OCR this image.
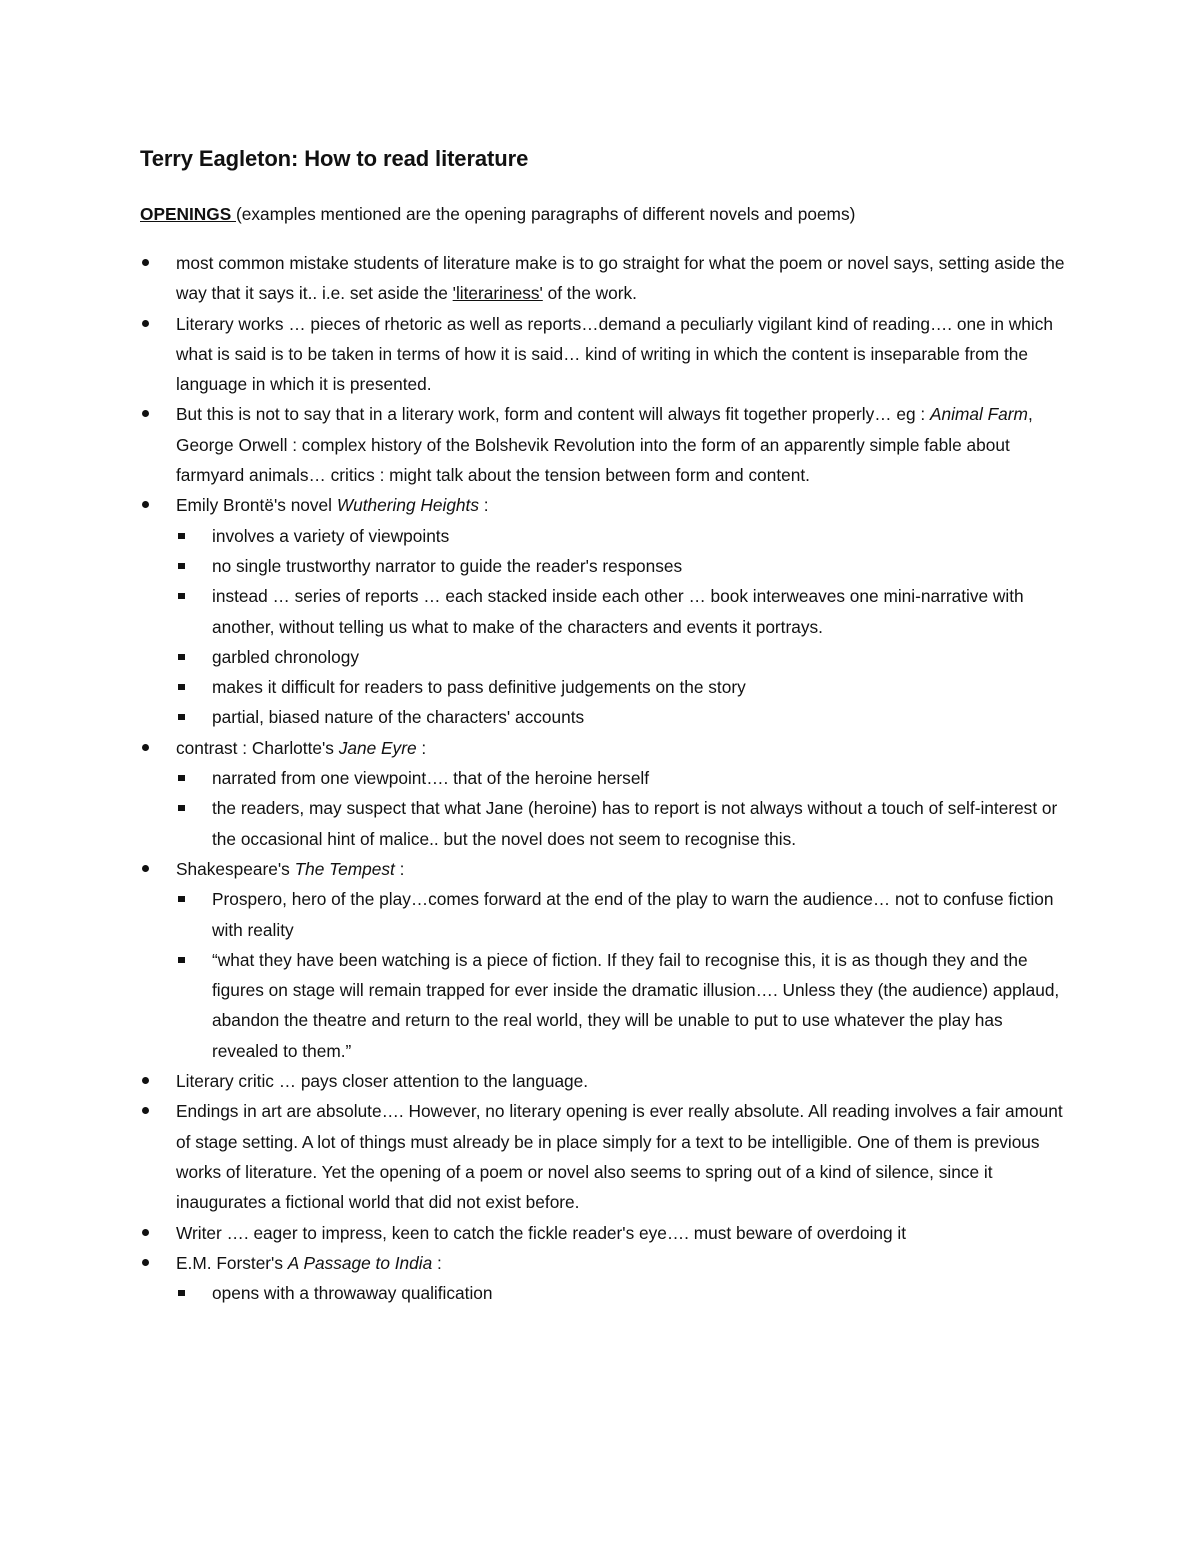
Terry Eagleton: How to read literature
OPENINGS (examples mentioned are the opening paragraphs of different novels and poems)
most common mistake students of literature make is to go straight for what the poem or novel says, setting aside the way that it says it.. i.e. set aside the 'literariness' of the work.
Literary works … pieces of rhetoric as well as reports…demand a peculiarly vigilant kind of reading…. one in which what is said is to be taken in terms of how it is said… kind of writing in which the content is inseparable from the language in which it is presented.
But this is not to say that in a literary work, form and content will always fit together properly… eg : Animal Farm, George Orwell : complex history of the Bolshevik Revolution into the form of an apparently simple fable about farmyard animals… critics : might talk about the tension between form and content.
Emily Brontë's novel Wuthering Heights :
involves a variety of viewpoints
no single trustworthy narrator to guide the reader's responses
instead … series of reports … each stacked inside each other … book interweaves one mini-narrative with another, without telling us what to make of the characters and events it portrays.
garbled chronology
makes it difficult for readers to pass definitive judgements on the story
partial, biased nature of the characters' accounts
contrast : Charlotte's Jane Eyre :
narrated from one viewpoint…. that of the heroine herself
the readers, may suspect that what Jane (heroine) has to report is not always without a touch of self-interest or the occasional hint of malice.. but the novel does not seem to recognise this.
Shakespeare's The Tempest :
Prospero, hero of the play…comes forward at the end of the play to warn the audience… not to confuse fiction with reality
“what they have been watching is a piece of fiction. If they fail to recognise this, it is as though they and the figures on stage will remain trapped for ever inside the dramatic illusion…. Unless they (the audience) applaud, abandon the theatre and return to the real world, they will be unable to put to use whatever the play has revealed to them.”
Literary critic … pays closer attention to the language.
Endings in art are absolute…. However, no literary opening is ever really absolute. All reading involves a fair amount of stage setting. A lot of things must already be in place simply for a text to be intelligible. One of them is previous works of literature. Yet the opening of a poem or novel also seems to spring out of a kind of silence, since it inaugurates a fictional world that did not exist before.
Writer …. eager to impress, keen to catch the fickle reader's eye…. must beware of overdoing it
E.M. Forster's A Passage to India :
opens with a throwaway qualification
